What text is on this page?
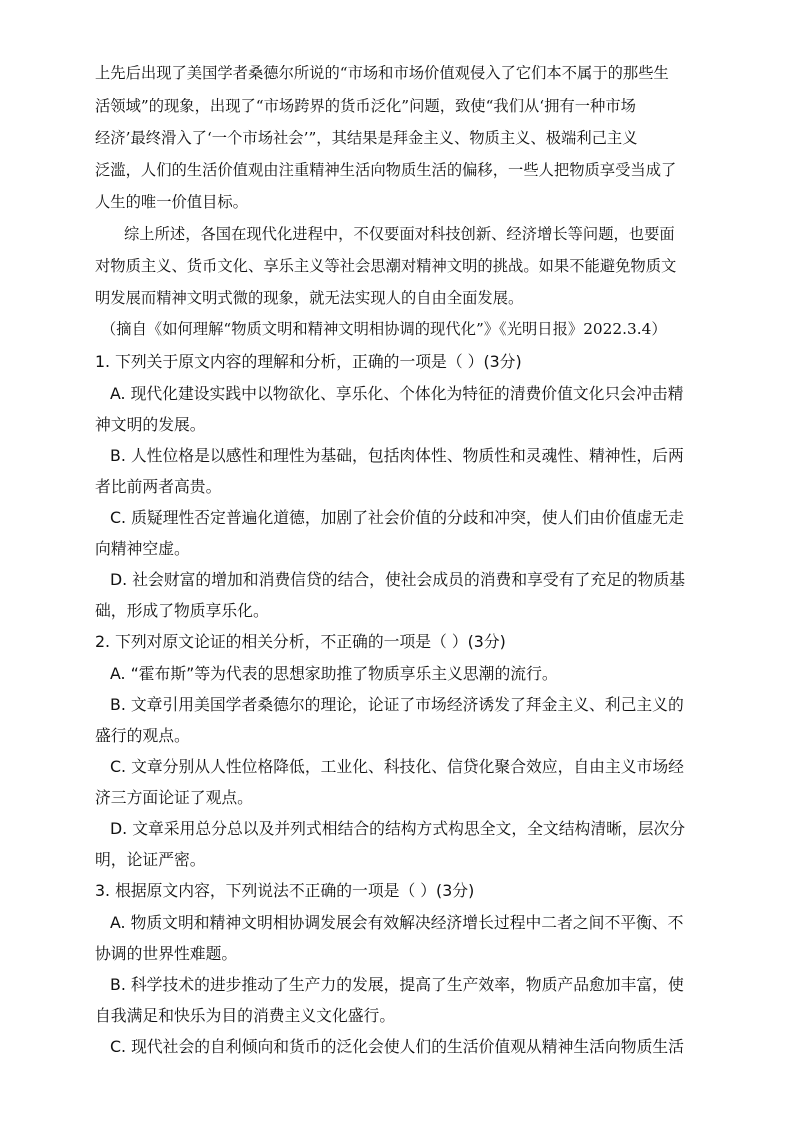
上先后出现了美国学者桑德尔所说的“市场和市场价值观侵入了它们本不属于的那些生
活领域”的现象，出现了“市场跨界的货币泛化”问题，致使“我们从‘拥有一种市场
经济’最终滑入了‘一个市场社会’”，其结果是拜金主义、物质主义、极端利己主义
泛滥，人们的生活价值观由注重精神生活向物质生活的偏移，一些人把物质享受当成了
人生的唯一价值目标。
综上所述，各国在现代化进程中，不仅要面对科技创新、经济增长等问题，也要面
对物质主义、货币文化、享乐主义等社会思潮对精神文明的挑战。如果不能避免物质文
明发展而精神文明式微的现象，就无法实现人的自由全面发展。
（摘自《如何理解“物质文明和精神文明相协调的现代化”》《光明日报》2022.3.4）
1. 下列关于原文内容的理解和分析，正确的一项是（ ）(3分)
A. 现代化建设实践中以物欲化、享乐化、个体化为特征的清费价值文化只会冲击精
神文明的发展。
B. 人性位格是以感性和理性为基础，包括肉体性、物质性和灵魂性、精神性，后两
者比前两者高贵。
C. 质疑理性否定普遍化道德，加剧了社会价值的分歧和冲突，使人们由价值虚无走
向精神空虚。
D. 社会财富的增加和消费信贷的结合，使社会成员的消费和享受有了充足的物质基
础，形成了物质享乐化。
2. 下列对原文论证的相关分析，不正确的一项是（ ）(3分)
A. “霍布斯”等为代表的思想家助推了物质享乐主义思潮的流行。
B. 文章引用美国学者桑德尔的理论，论证了市场经济诱发了拜金主义、利己主义的
盛行的观点。
C. 文章分别从人性位格降低，工业化、科技化、信贷化聚合效应，自由主义市场经
济三方面论证了观点。
D. 文章采用总分总以及并列式相结合的结构方式构思全文，全文结构清晰，层次分
明，论证严密。
3. 根据原文内容，下列说法不正确的一项是（ ）(3分)
A. 物质文明和精神文明相协调发展会有效解决经济增长过程中二者之间不平衡、不
协调的世界性难题。
B. 科学技术的进步推动了生产力的发展，提高了生产效率，物质产品愈加丰富，使
自我满足和快乐为目的消费主义文化盛行。
C. 现代社会的自利倾向和货币的泛化会使人们的生活价值观从精神生活向物质生活
